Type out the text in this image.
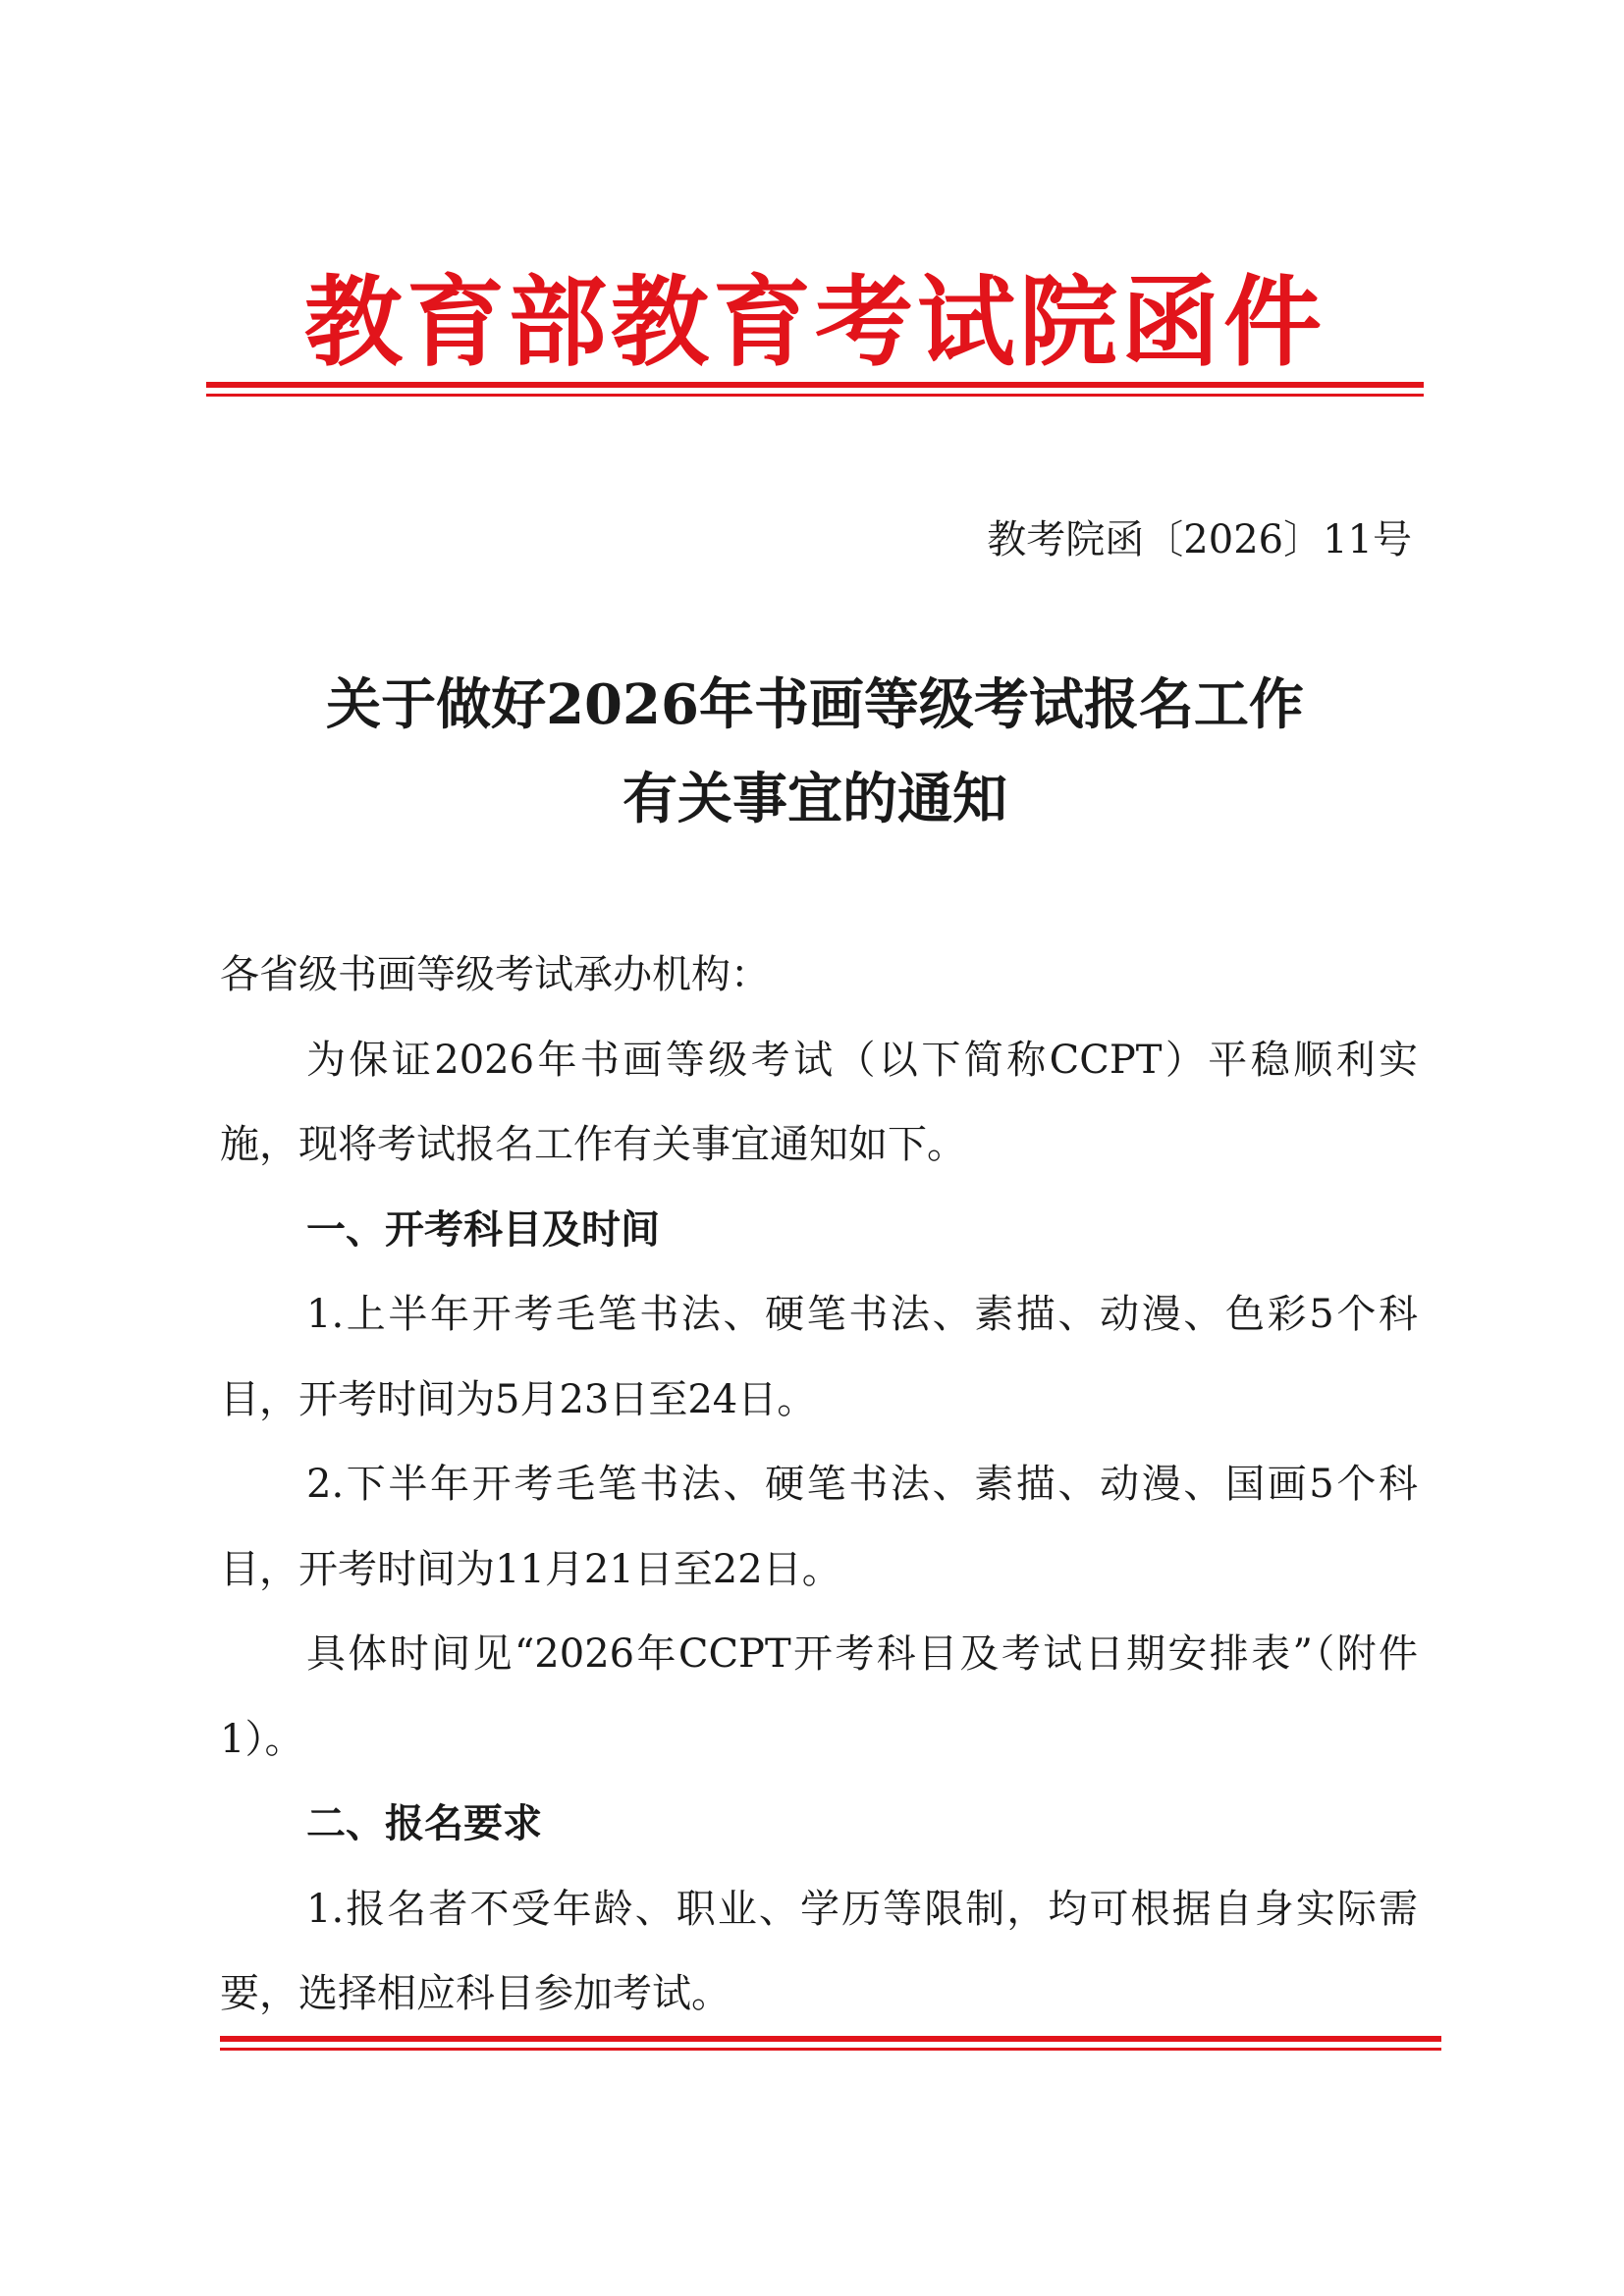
教育部教育考试院函件
教考院函〔2026〕11号
关于做好2026年书画等级考试报名工作
有关事宜的通知

各省级书画等级考试承办机构：

为保证2026年书画等级考试（以下简称CCPT）平稳顺利实施，现将考试报名工作有关事宜通知如下。

一、开考科目及时间

1.上半年开考毛笔书法、硬笔书法、素描、动漫、色彩5个科目，开考时间为5月23日至24日。

2.下半年开考毛笔书法、硬笔书法、素描、动漫、国画5个科目，开考时间为11月21日至22日。

具体时间见“2026年CCPT开考科目及考试日期安排表”（附件1）。

二、报名要求

1.报名者不受年龄、职业、学历等限制，均可根据自身实际需要，选择相应科目参加考试。
